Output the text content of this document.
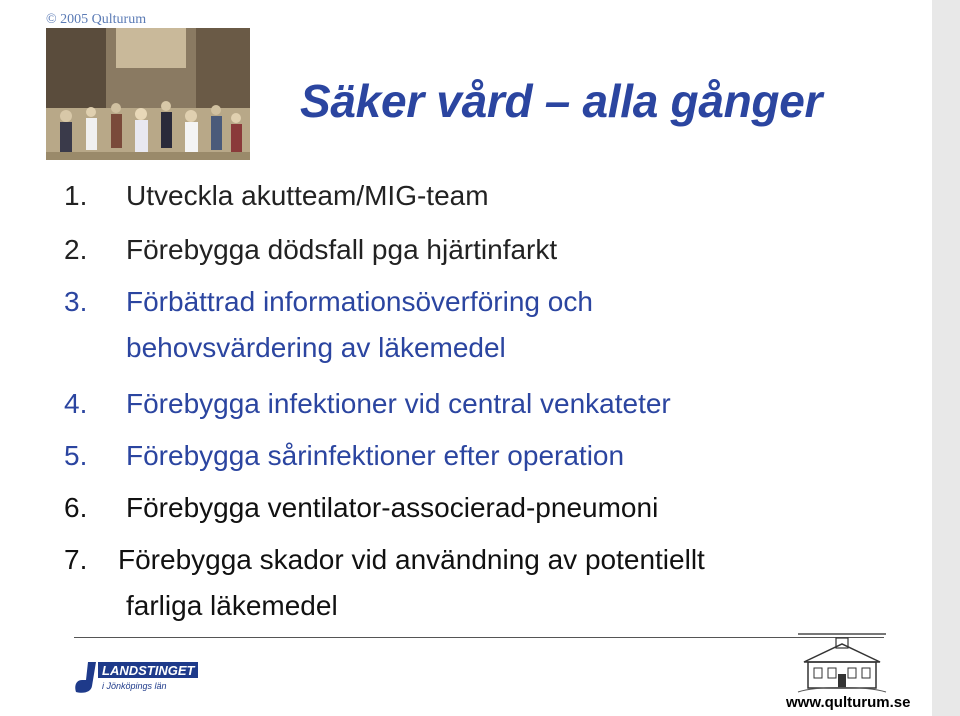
© 2005 Qulturum
Säker vård – alla gånger
1. Utveckla akutteam/MIG-team
2. Förebygga dödsfall pga hjärtinfarkt
3. Förbättrad informationsöverföring och
behovsvärdering av läkemedel
4. Förebygga infektioner vid central venkateter
5. Förebygga sårinfektioner efter operation
6. Förebygga ventilator-associerad-pneumoni
7. Förebygga skador vid användning av potentiellt
farliga läkemedel
LANDSTINGET
i Jönköpings län
www.qulturum.se
